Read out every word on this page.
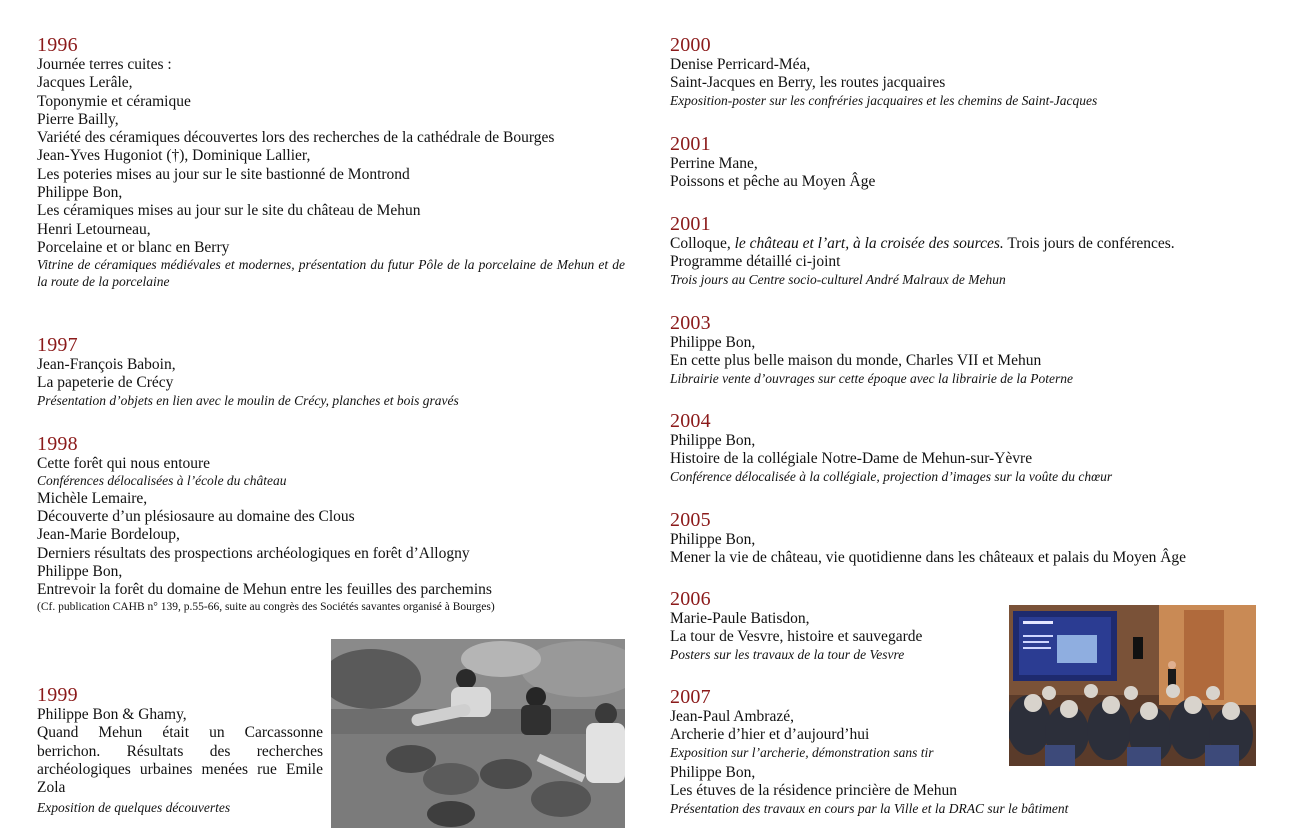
1996
Journée terres cuites :
Jacques Lerâle,
Toponymie et céramique
Pierre Bailly,
Variété des céramiques découvertes lors des recherches de la cathédrale de Bourges
Jean-Yves Hugoniot (†), Dominique Lallier,
Les poteries mises au jour sur le site bastionné de Montrond
Philippe Bon,
Les céramiques mises au jour sur le site du château de Mehun
Henri Letourneau,
Porcelaine et or blanc en Berry
Vitrine de céramiques médiévales et modernes, présentation du futur Pôle de la porcelaine de Mehun et de la route de la porcelaine
1997
Jean-François Baboin,
La papeterie de Crécy
Présentation d’objets en lien avec le moulin de Crécy, planches et bois gravés
1998
Cette forêt qui nous entoure
Conférences délocalisées à l’école du château
Michèle Lemaire,
Découverte d’un plésiosaure au domaine des Clous
Jean-Marie Bordeloup,
Derniers résultats des prospections archéologiques en forêt d’Allogny
Philippe Bon,
Entrevoir la forêt du domaine de Mehun entre les feuilles des parchemins
(Cf. publication CAHB n° 139, p.55-66, suite au congrès des Sociétés savantes organisé à Bourges)
1999
Philippe Bon & Ghamy,
Quand Mehun était un Carcassonne berrichon. Résultats des recherches archéologiques urbaines menées rue Emile Zola
Exposition de quelques découvertes
2000
Denise Perricard-Méa,
Saint-Jacques en Berry, les routes jacquaires
Exposition-poster sur les confréries jacquaires et les chemins de Saint-Jacques
2001
Perrine Mane,
Poissons et pêche au Moyen Âge
2001
Colloque, le château et l’art, à la croisée des sources. Trois jours de conférences.
Programme détaillé ci-joint
Trois jours au Centre socio-culturel André Malraux de Mehun
2003
Philippe Bon,
En cette plus belle maison du monde, Charles VII et Mehun
Librairie vente d’ouvrages sur cette époque avec la librairie de la Poterne
2004
Philippe Bon,
Histoire de la collégiale Notre-Dame de Mehun-sur-Yèvre
Conférence délocalisée à la collégiale, projection d’images sur la voûte du chœur
2005
Philippe Bon,
Mener la vie de château, vie quotidienne dans les châteaux et palais du Moyen Âge
2006
Marie-Paule Batisdon,
La tour de Vesvre, histoire et sauvegarde
Posters sur les travaux de la tour de Vesvre
2007
Jean-Paul Ambrazé,
Archerie d’hier et d’aujourd’hui
Exposition sur l’archerie, démonstration sans tir
Philippe Bon,
Les étuves de la résidence princière de Mehun
Présentation des travaux en cours par la Ville et la DRAC sur le bâtiment
